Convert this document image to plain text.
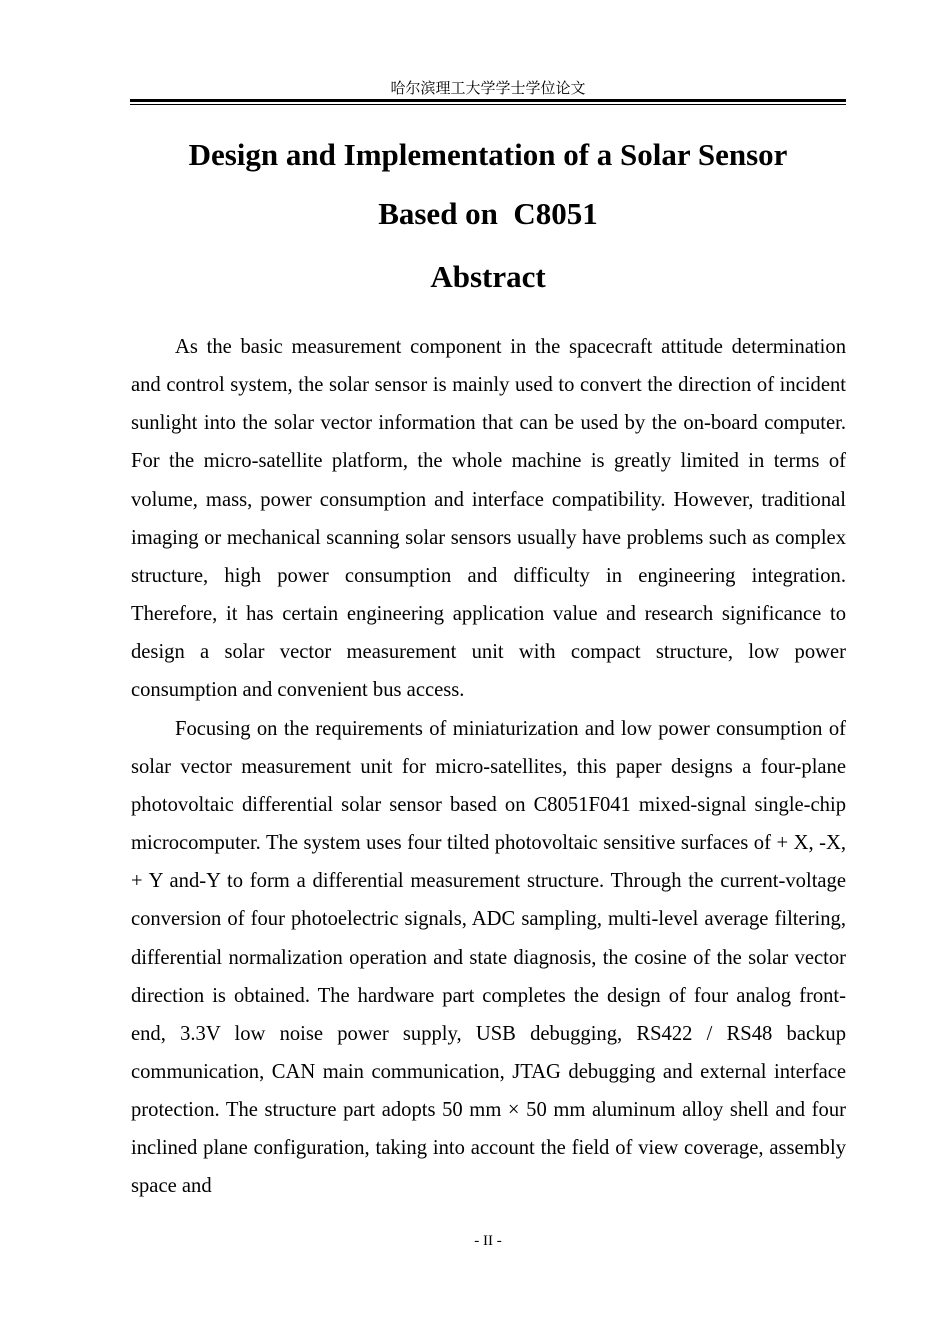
哈尔滨理工大学学士学位论文
Design and Implementation of a Solar Sensor
Based on  C8051
Abstract

As the basic measurement component in the spacecraft attitude determination and control system, the solar sensor is mainly used to convert the direction of incident sunlight into the solar vector information that can be used by the on-board computer. For the micro-satellite platform, the whole machine is greatly limited in terms of volume, mass, power consumption and interface compatibility. However, traditional imaging or mechanical scanning solar sensors usually have problems such as complex structure, high power consumption and difficulty in engineering integration. Therefore, it has certain engineering application value and research significance to design a solar vector measurement unit with compact structure, low power consumption and convenient bus access.

Focusing on the requirements of miniaturization and low power consumption of solar vector measurement unit for micro-satellites, this paper designs a four-plane photovoltaic differential solar sensor based on C8051F041 mixed-signal single-chip microcomputer. The system uses four tilted photovoltaic sensitive surfaces of + X, -X, + Y and-Y to form a differential measurement structure. Through the current-voltage conversion of four photoelectric signals, ADC sampling, multi-level average filtering, differential normalization operation and state diagnosis, the cosine of the solar vector direction is obtained. The hardware part completes the design of four analog front-end, 3.3V low noise power supply, USB debugging, RS422 / RS48 backup communication, CAN main communication, JTAG debugging and external interface protection. The structure part adopts 50 mm × 50 mm aluminum alloy shell and four inclined plane configuration, taking into account the field of view coverage, assembly space and

- II -
